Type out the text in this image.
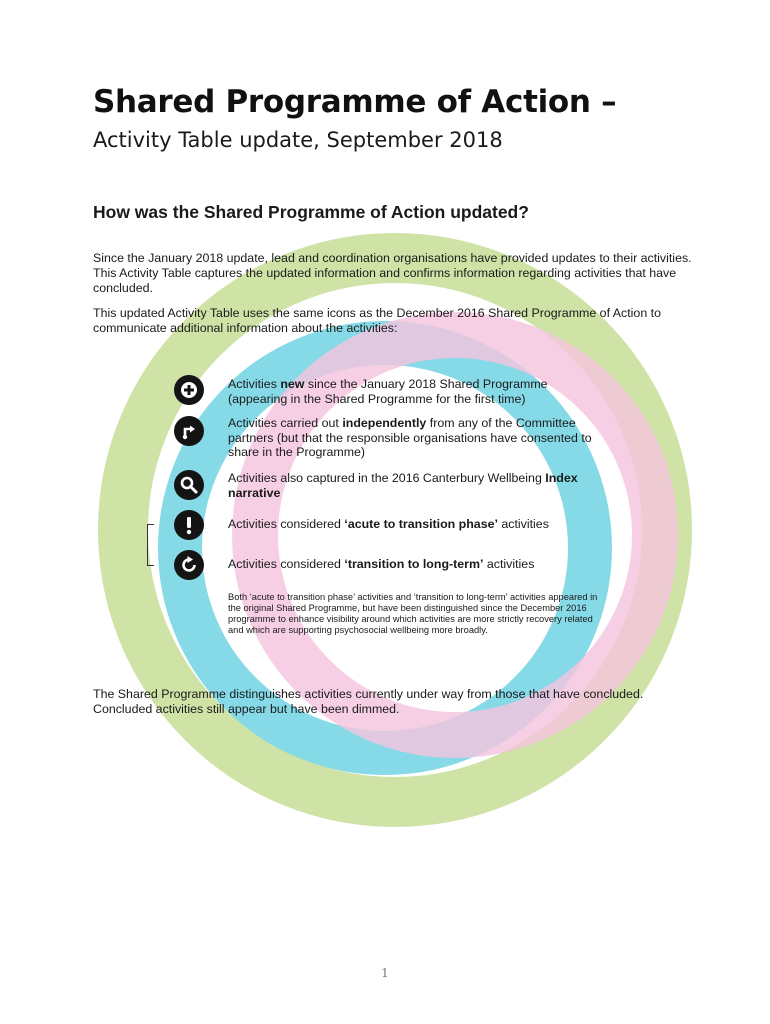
Shared Programme of Action –
Activity Table update, September 2018
How was the Shared Programme of Action updated?

Since the January 2018 update, lead and coordination organisations have provided updates to their activities. This Activity Table captures the updated information and confirms information regarding activities that have concluded.

This updated Activity Table uses the same icons as the December 2016 Shared Programme of Action to communicate additional information about the activities:

Activities new since the January 2018 Shared Programme (appearing in the Shared Programme for the first time)
Activities carried out independently from any of the Committee partners (but that the responsible organisations have consented to share in the Programme)
Activities also captured in the 2016 Canterbury Wellbeing Index narrative
Activities considered ‘acute to transition phase’ activities
Activities considered ‘transition to long-term’ activities

Both ‘acute to transition phase’ activities and ‘transition to long-term’ activities appeared in the original Shared Programme, but have been distinguished since the December 2016 programme to enhance visibility around which activities are more strictly recovery related and which are supporting psychosocial wellbeing more broadly.

The Shared Programme distinguishes activities currently under way from those that have concluded. Concluded activities still appear but have been dimmed.

1
